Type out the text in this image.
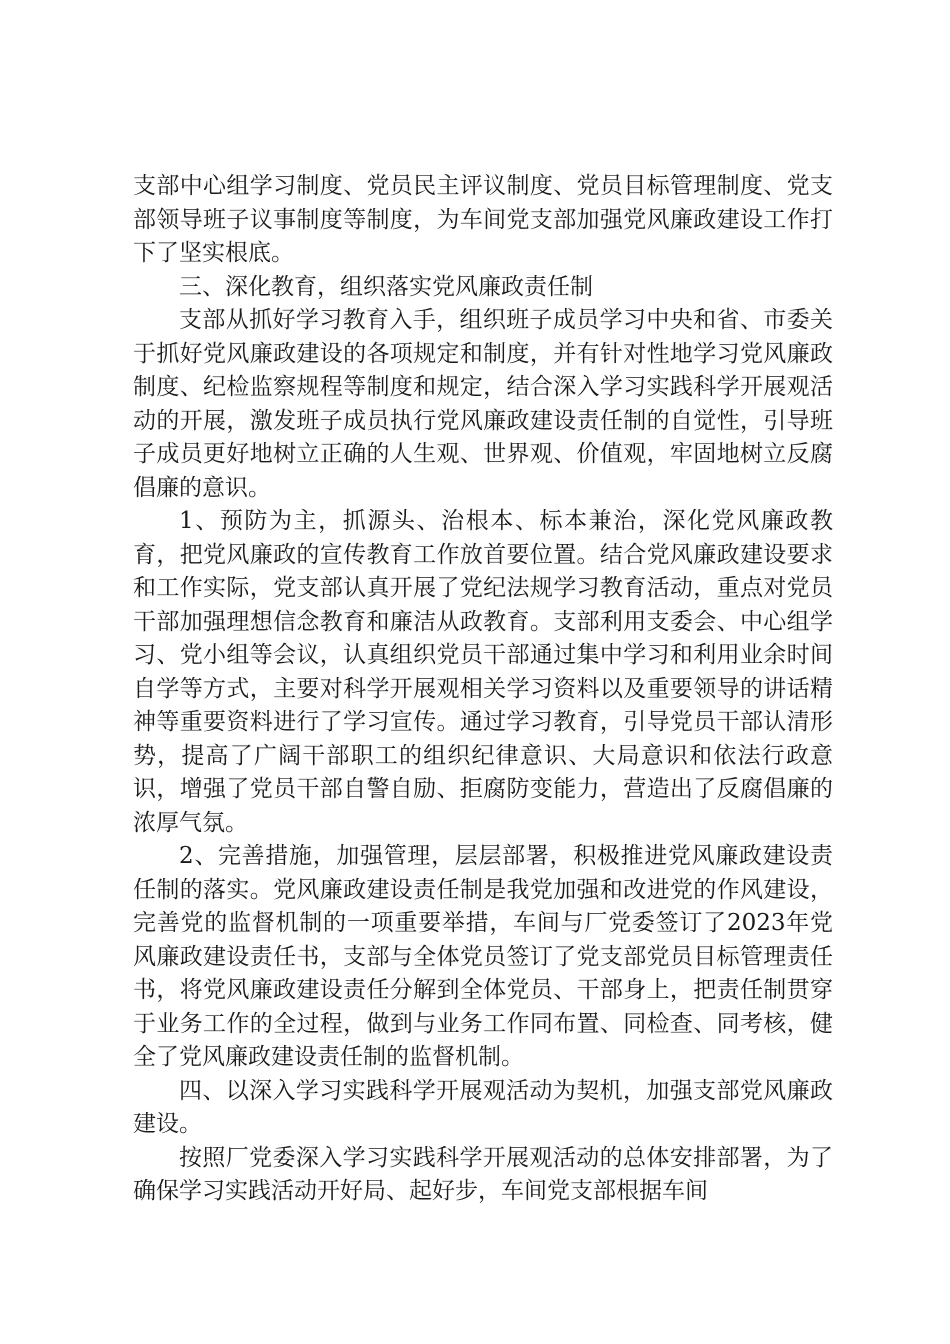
支部中心组学习制度、党员民主评议制度、党员目标管理制度、党支部领导班子议事制度等制度，为车间党支部加强党风廉政建设工作打下了坚实根底。

三、深化教育，组织落实党风廉政责任制

支部从抓好学习教育入手，组织班子成员学习中央和省、市委关于抓好党风廉政建设的各项规定和制度，并有针对性地学习党风廉政制度、纪检监察规程等制度和规定，结合深入学习实践科学开展观活动的开展，激发班子成员执行党风廉政建设责任制的自觉性，引导班子成员更好地树立正确的人生观、世界观、价值观，牢固地树立反腐倡廉的意识。

1、预防为主，抓源头、治根本、标本兼治，深化党风廉政教育，把党风廉政的宣传教育工作放首要位置。结合党风廉政建设要求和工作实际，党支部认真开展了党纪法规学习教育活动，重点对党员干部加强理想信念教育和廉洁从政教育。支部利用支委会、中心组学习、党小组等会议，认真组织党员干部通过集中学习和利用业余时间自学等方式，主要对科学开展观相关学习资料以及重要领导的讲话精神等重要资料进行了学习宣传。通过学习教育，引导党员干部认清形势，提高了广阔干部职工的组织纪律意识、大局意识和依法行政意识，增强了党员干部自警自励、拒腐防变能力，营造出了反腐倡廉的浓厚气氛。

2、完善措施，加强管理，层层部署，积极推进党风廉政建设责任制的落实。党风廉政建设责任制是我党加强和改进党的作风建设，完善党的监督机制的一项重要举措，车间与厂党委签订了2023年党风廉政建设责任书，支部与全体党员签订了党支部党员目标管理责任书，将党风廉政建设责任分解到全体党员、干部身上，把责任制贯穿于业务工作的全过程，做到与业务工作同布置、同检查、同考核，健全了党风廉政建设责任制的监督机制。

四、以深入学习实践科学开展观活动为契机，加强支部党风廉政建设。

按照厂党委深入学习实践科学开展观活动的总体安排部署，为了确保学习实践活动开好局、起好步，车间党支部根据车间
